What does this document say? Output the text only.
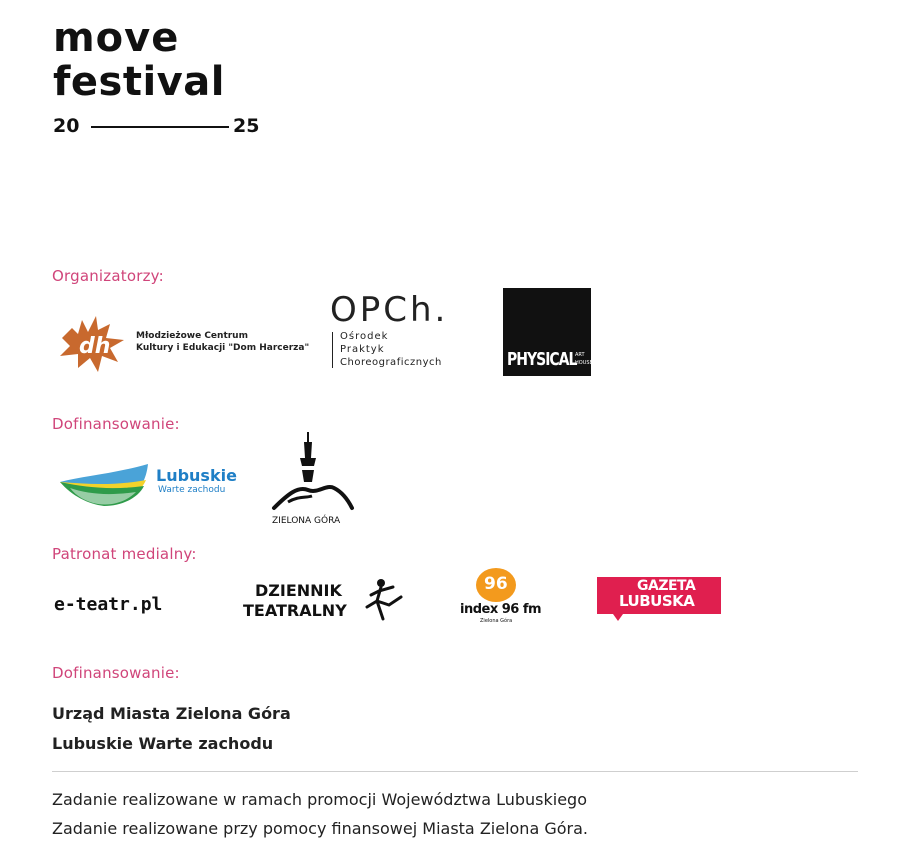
move
festival
20	25
Organizatorzy:
dh	Młodzieżowe Centrum
Kultury i Edukacji "Dom Harcerza"
OPCh.
Ośrodek
Praktyk
Choreograficznych	PHYSICAL
ART
HOUSE
Dofinansowanie:
Lubuskie
Warte zachodu
ZIELONA GÓRA
Patronat medialny:
e-teatr.pl
DZIENNIK
TEATRALNY
96
index 96 fm
Zielona Góra
GAZETA
LUBUSKA
Dofinansowanie:
Urząd Miasta Zielona Góra
Lubuskie Warte zachodu
Zadanie realizowane w ramach promocji Województwa Lubuskiego
Zadanie realizowane przy pomocy finansowej Miasta Zielona Góra.
